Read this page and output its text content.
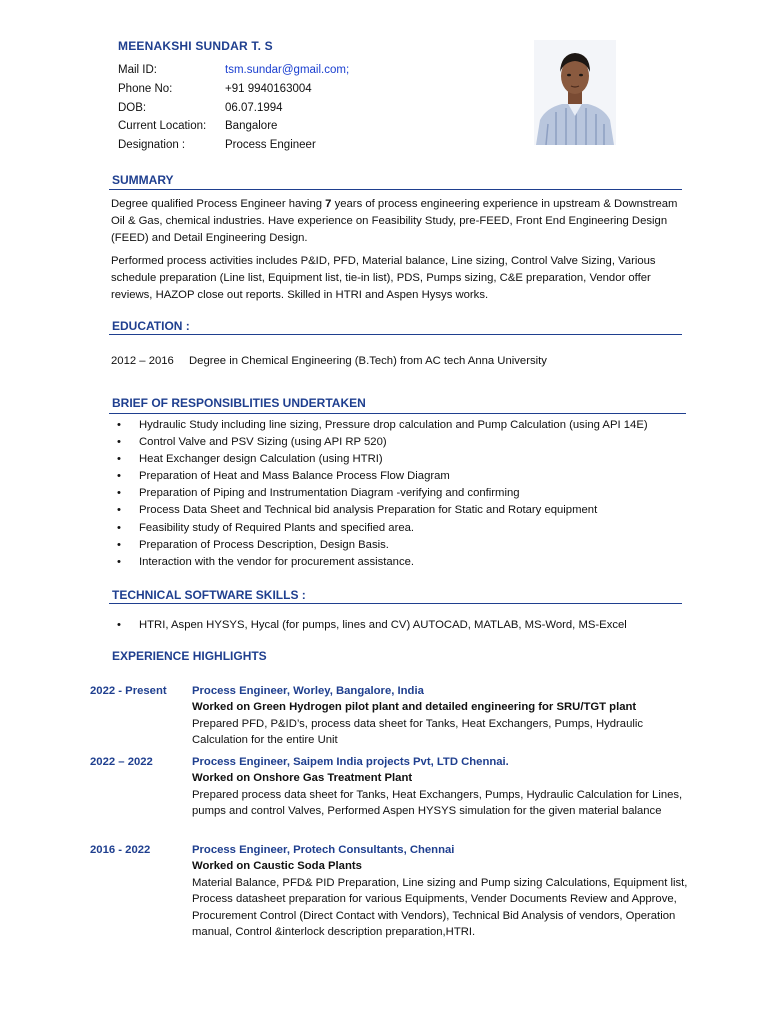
MEENAKSHI SUNDAR T. S
Mail ID:	tsm.sundar@gmail.com;
Phone No:	+91 9940163004
DOB:	06.07.1994
Current Location:	Bangalore
Designation :	Process Engineer
SUMMARY
Degree qualified Process Engineer having 7 years of process engineering experience in upstream & Downstream Oil & Gas, chemical industries. Have experience on Feasibility Study, pre-FEED, Front End Engineering Design (FEED) and Detail Engineering Design.
Performed process activities includes P&ID, PFD, Material balance, Line sizing, Control Valve Sizing, Various schedule preparation (Line list, Equipment list, tie-in list), PDS, Pumps sizing, C&E preparation, Vendor offer reviews, HAZOP close out reports. Skilled in HTRI and Aspen Hysys works.
EDUCATION :
2012 – 2016 Degree in Chemical Engineering (B.Tech) from AC tech Anna University
BRIEF OF RESPONSIBLITIES UNDERTAKEN
• Hydraulic Study including line sizing, Pressure drop calculation and Pump Calculation (using API 14E)
• Control Valve and PSV Sizing (using API RP 520)
• Heat Exchanger design Calculation (using HTRI)
• Preparation of Heat and Mass Balance Process Flow Diagram
• Preparation of Piping and Instrumentation Diagram -verifying and confirming
• Process Data Sheet and Technical bid analysis Preparation for Static and Rotary equipment
• Feasibility study of Required Plants and specified area.
• Preparation of Process Description, Design Basis.
• Interaction with the vendor for procurement assistance.
TECHNICAL SOFTWARE SKILLS :
• HTRI, Aspen HYSYS, Hycal (for pumps, lines and CV) AUTOCAD, MATLAB, MS-Word, MS-Excel
EXPERIENCE HIGHLIGHTS
2022 - Present Process Engineer, Worley, Bangalore, India
Worked on Green Hydrogen pilot plant and detailed engineering for SRU/TGT plant
Prepared PFD, P&ID’s, process data sheet for Tanks, Heat Exchangers, Pumps, Hydraulic Calculation for the entire Unit
2022 – 2022	Process Engineer, Saipem India projects Pvt, LTD Chennai.
Worked on Onshore Gas Treatment Plant
Prepared process data sheet for Tanks, Heat Exchangers, Pumps, Hydraulic Calculation for Lines, pumps and control Valves, Performed Aspen HYSYS simulation for the given material balance
2016 - 2022	Process Engineer, Protech Consultants, Chennai
Worked on Caustic Soda Plants
Material Balance, PFD& PID Preparation, Line sizing and Pump sizing Calculations, Equipment list, Process datasheet preparation for various Equipments, Vender Documents Review and Approve, Procurement Control (Direct Contact with Vendors), Technical Bid Analysis of vendors, Operation manual, Control &interlock description preparation,HTRI.
